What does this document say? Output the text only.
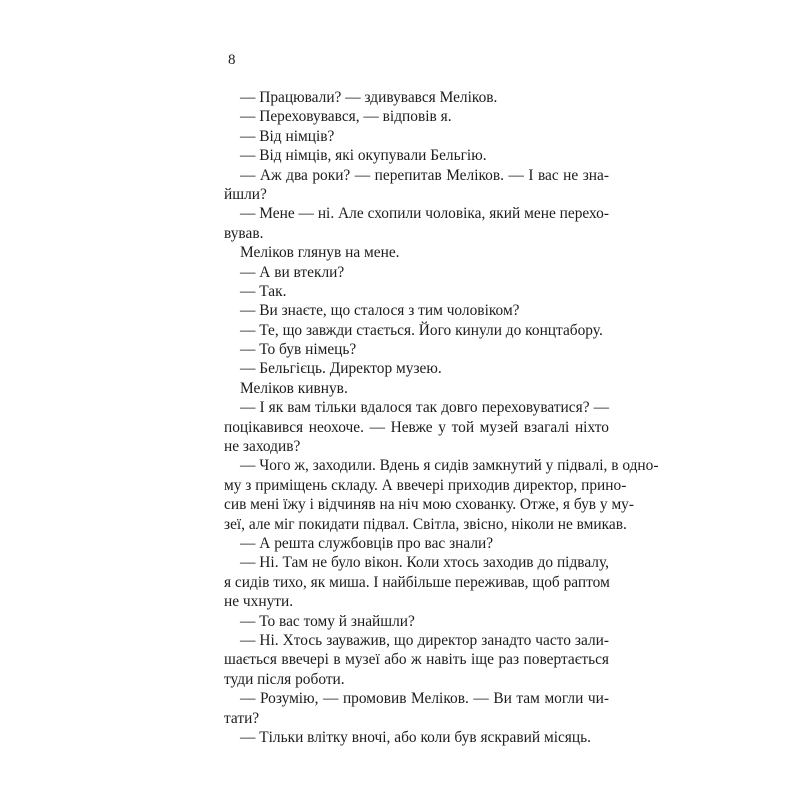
8
— Працювали? — здивувався Меліков.
— Переховувався, — відповів я.
— Від німців?
— Від німців, які окупували Бельгію.
— Аж два роки? — перепитав Меліков. — І вас не зна-
йшли?
— Мене — ні. Але схопили чоловіка, який мене перехо-
вував.
Меліков глянув на мене.
— А ви втекли?
— Так.
— Ви знаєте, що сталося з тим чоловіком?
— Те, що завжди стається. Його кинули до концтабору.
— То був німець?
— Бельгієць. Директор музею.
Меліков кивнув.
— І як вам тільки вдалося так довго переховуватися? —
поцікавився неохоче. — Невже у той музей взагалі ніхто
не заходив?
— Чого ж, заходили. Вдень я сидів замкнутий у підвалі, в одно-
му з приміщень складу. А ввечері приходив директор, прино-
сив мені їжу і відчиняв на ніч мою схованку. Отже, я був у му-
зеї, але міг покидати підвал. Світла, звісно, ніколи не вмикав.
— А решта службовців про вас знали?
— Ні. Там не було вікон. Коли хтось заходив до підвалу,
я сидів тихо, як миша. І найбільше переживав, щоб раптом
не чхнути.
— То вас тому й знайшли?
— Ні. Хтось зауважив, що директор занадто часто зали-
шається ввечері в музеї або ж навіть іще раз повертається
туди після роботи.
— Розумію, — промовив Меліков. — Ви там могли чи-
тати?
— Тільки влітку вночі, або коли був яскравий місяць.
